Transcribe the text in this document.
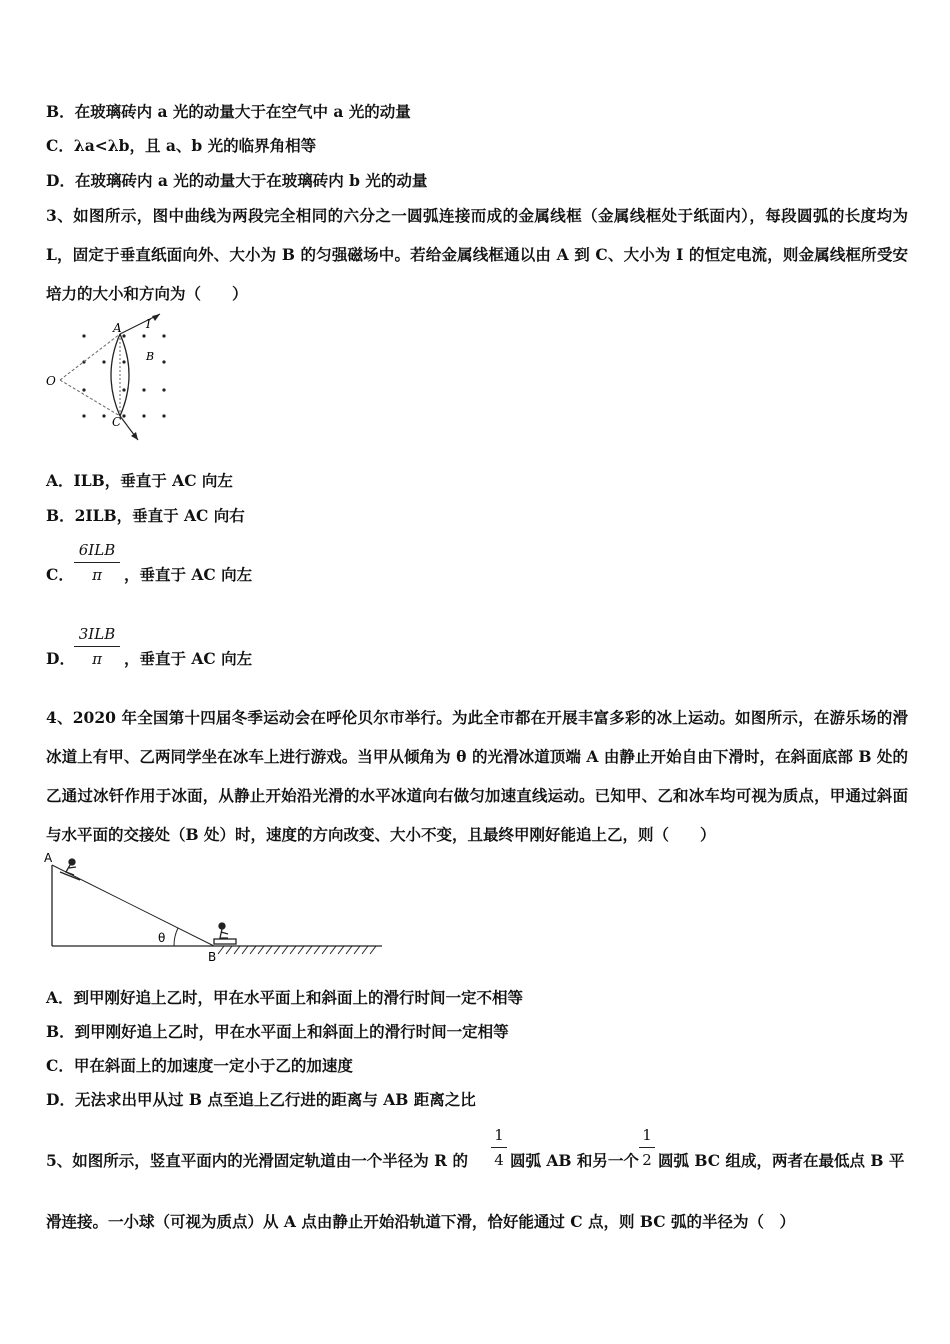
B．在玻璃砖内 a 光的动量大于在空气中 a 光的动量
C．λa<λb，且 a、b 光的临界角相等
D．在玻璃砖内 a 光的动量大于在玻璃砖内 b 光的动量
3、如图所示，图中曲线为两段完全相同的六分之一圆弧连接而成的金属线框（金属线框处于纸面内），每段圆弧的长度均为 L，固定于垂直纸面向外、大小为 B 的匀强磁场中。若给金属线框通以由 A 到 C、大小为 I 的恒定电流，则金属线框所受安培力的大小和方向为（　　）
A I
B
O
C
A．ILB，垂直于 AC 向左
B．2ILB，垂直于 AC 向右
C．
6ILB
π	，垂直于 AC 向左
D．
3ILB
π	，垂直于 AC 向左
4、2020 年全国第十四届冬季运动会在呼伦贝尔市举行。为此全市都在开展丰富多彩的冰上运动。如图所示，在游乐场的滑冰道上有甲、乙两同学坐在冰车上进行游戏。当甲从倾角为 θ 的光滑冰道顶端 A 由静止开始自由下滑时，在斜面底部 B 处的乙通过冰钎作用于冰面，从静止开始沿光滑的水平冰道向右做匀加速直线运动。已知甲、乙和冰车均可视为质点，甲通过斜面与水平面的交接处（B 处）时，速度的方向改变、大小不变，且最终甲刚好能追上乙，则（　　）
A
B
θ
A．到甲刚好追上乙时，甲在水平面上和斜面上的滑行时间一定不相等
B．到甲刚好追上乙时，甲在水平面上和斜面上的滑行时间一定相等
C．甲在斜面上的加速度一定小于乙的加速度
D．无法求出甲从过 B 点至追上乙行进的距离与 AB 距离之比
5、如图所示，竖直平面内的光滑固定轨道由一个半径为 R 的
1
4 圆弧 AB 和另一个
1
2 圆弧 BC 组成，两者在最低点 B 平
滑连接。一小球（可视为质点）从 A 点由静止开始沿轨道下滑，恰好能通过 C 点，则 BC 弧的半径为（　）
